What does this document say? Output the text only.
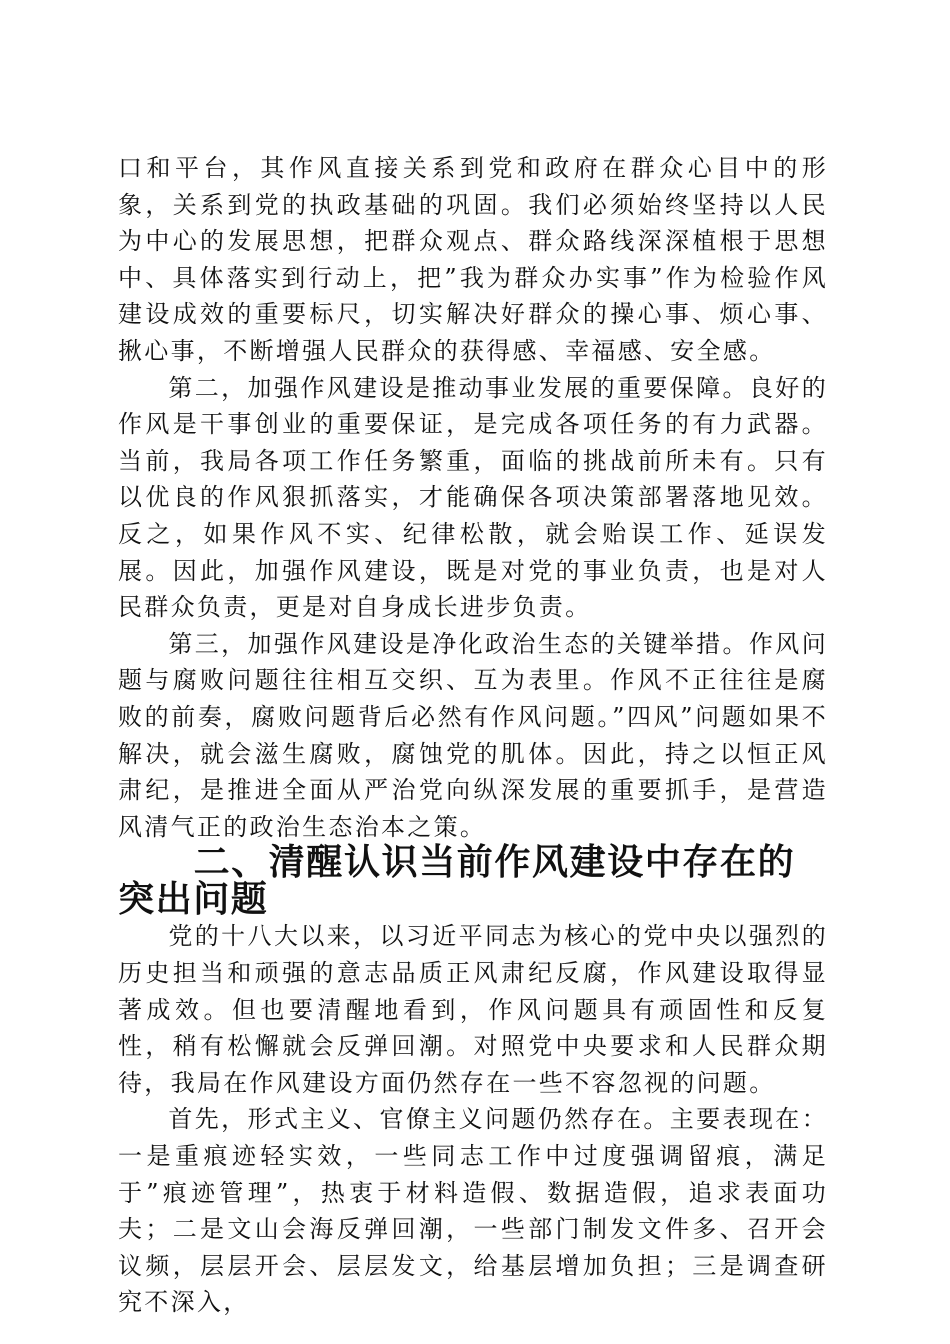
口和平台，其作风直接关系到党和政府在群众心目中的形象，关系到党的执政基础的巩固。我们必须始终坚持以人民为中心的发展思想，把群众观点、群众路线深深植根于思想中、具体落实到行动上，把”我为群众办实事”作为检验作风建设成效的重要标尺，切实解决好群众的操心事、烦心事、揪心事，不断增强人民群众的获得感、幸福感、安全感。

第二，加强作风建设是推动事业发展的重要保障。良好的作风是干事创业的重要保证，是完成各项任务的有力武器。当前，我局各项工作任务繁重，面临的挑战前所未有。只有以优良的作风狠抓落实，才能确保各项决策部署落地见效。反之，如果作风不实、纪律松散，就会贻误工作、延误发展。因此，加强作风建设，既是对党的事业负责，也是对人民群众负责，更是对自身成长进步负责。

第三，加强作风建设是净化政治生态的关键举措。作风问题与腐败问题往往相互交织、互为表里。作风不正往往是腐败的前奏，腐败问题背后必然有作风问题。”四风”问题如果不解决，就会滋生腐败，腐蚀党的肌体。因此，持之以恒正风肃纪，是推进全面从严治党向纵深发展的重要抓手，是营造风清气正的政治生态治本之策。

二、清醒认识当前作风建设中存在的突出问题

党的十八大以来，以习近平同志为核心的党中央以强烈的历史担当和顽强的意志品质正风肃纪反腐，作风建设取得显著成效。但也要清醒地看到，作风问题具有顽固性和反复性，稍有松懈就会反弹回潮。对照党中央要求和人民群众期待，我局在作风建设方面仍然存在一些不容忽视的问题。

首先，形式主义、官僚主义问题仍然存在。主要表现在：一是重痕迹轻实效，一些同志工作中过度强调留痕，满足于”痕迹管理”，热衷于材料造假、数据造假，追求表面功夫；二是文山会海反弹回潮，一些部门制发文件多、召开会议频，层层开会、层层发文，给基层增加负担；三是调查研究不深入，
